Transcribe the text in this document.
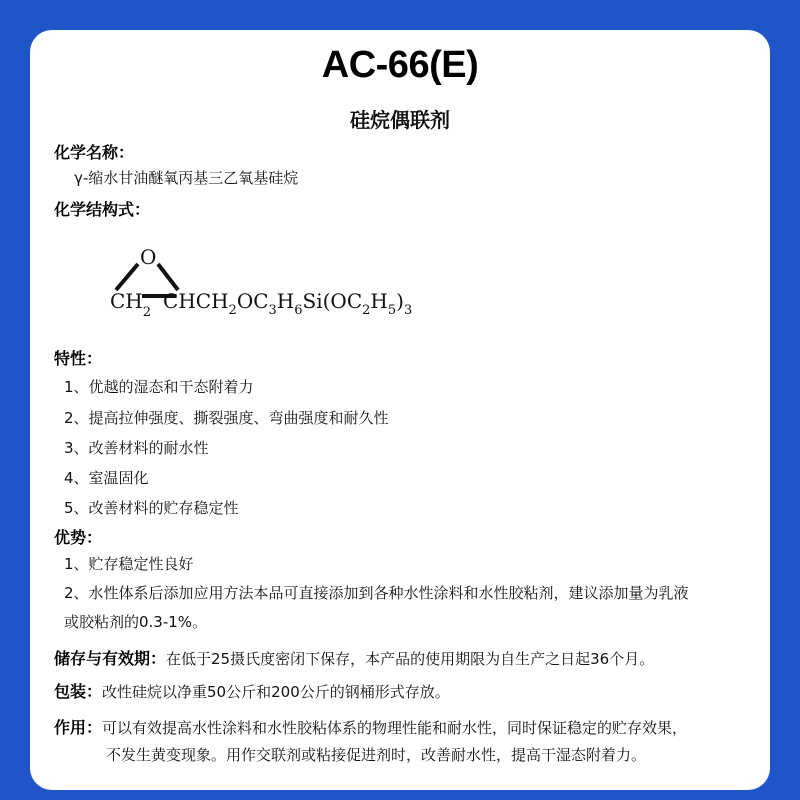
AC-66(E)
硅烷偶联剂
化学名称：
γ-缩水甘油醚氧丙基三乙氧基硅烷
化学结构式：
O
$CH_2$ $CHCH_2OC_3H_6Si(OC_2H_5)_3$
特性：
1、优越的湿态和干态附着力
2、提高拉伸强度、撕裂强度、弯曲强度和耐久性
3、改善材料的耐水性
4、室温固化
5、改善材料的贮存稳定性
优势：
1、贮存稳定性良好
2、水性体系后添加应用方法本品可直接添加到各种水性涂料和水性胶粘剂，建议添加量为乳液
或胶粘剂的0.3-1%。
储存与有效期：在低于25摄氏度密闭下保存，本产品的使用期限为自生产之日起36个月。
包装：改性硅烷以净重50公斤和200公斤的钢桶形式存放。
作用：可以有效提高水性涂料和水性胶粘体系的物理性能和耐水性，同时保证稳定的贮存效果，
不发生黄变现象。用作交联剂或粘接促进剂时，改善耐水性，提高干湿态附着力。
